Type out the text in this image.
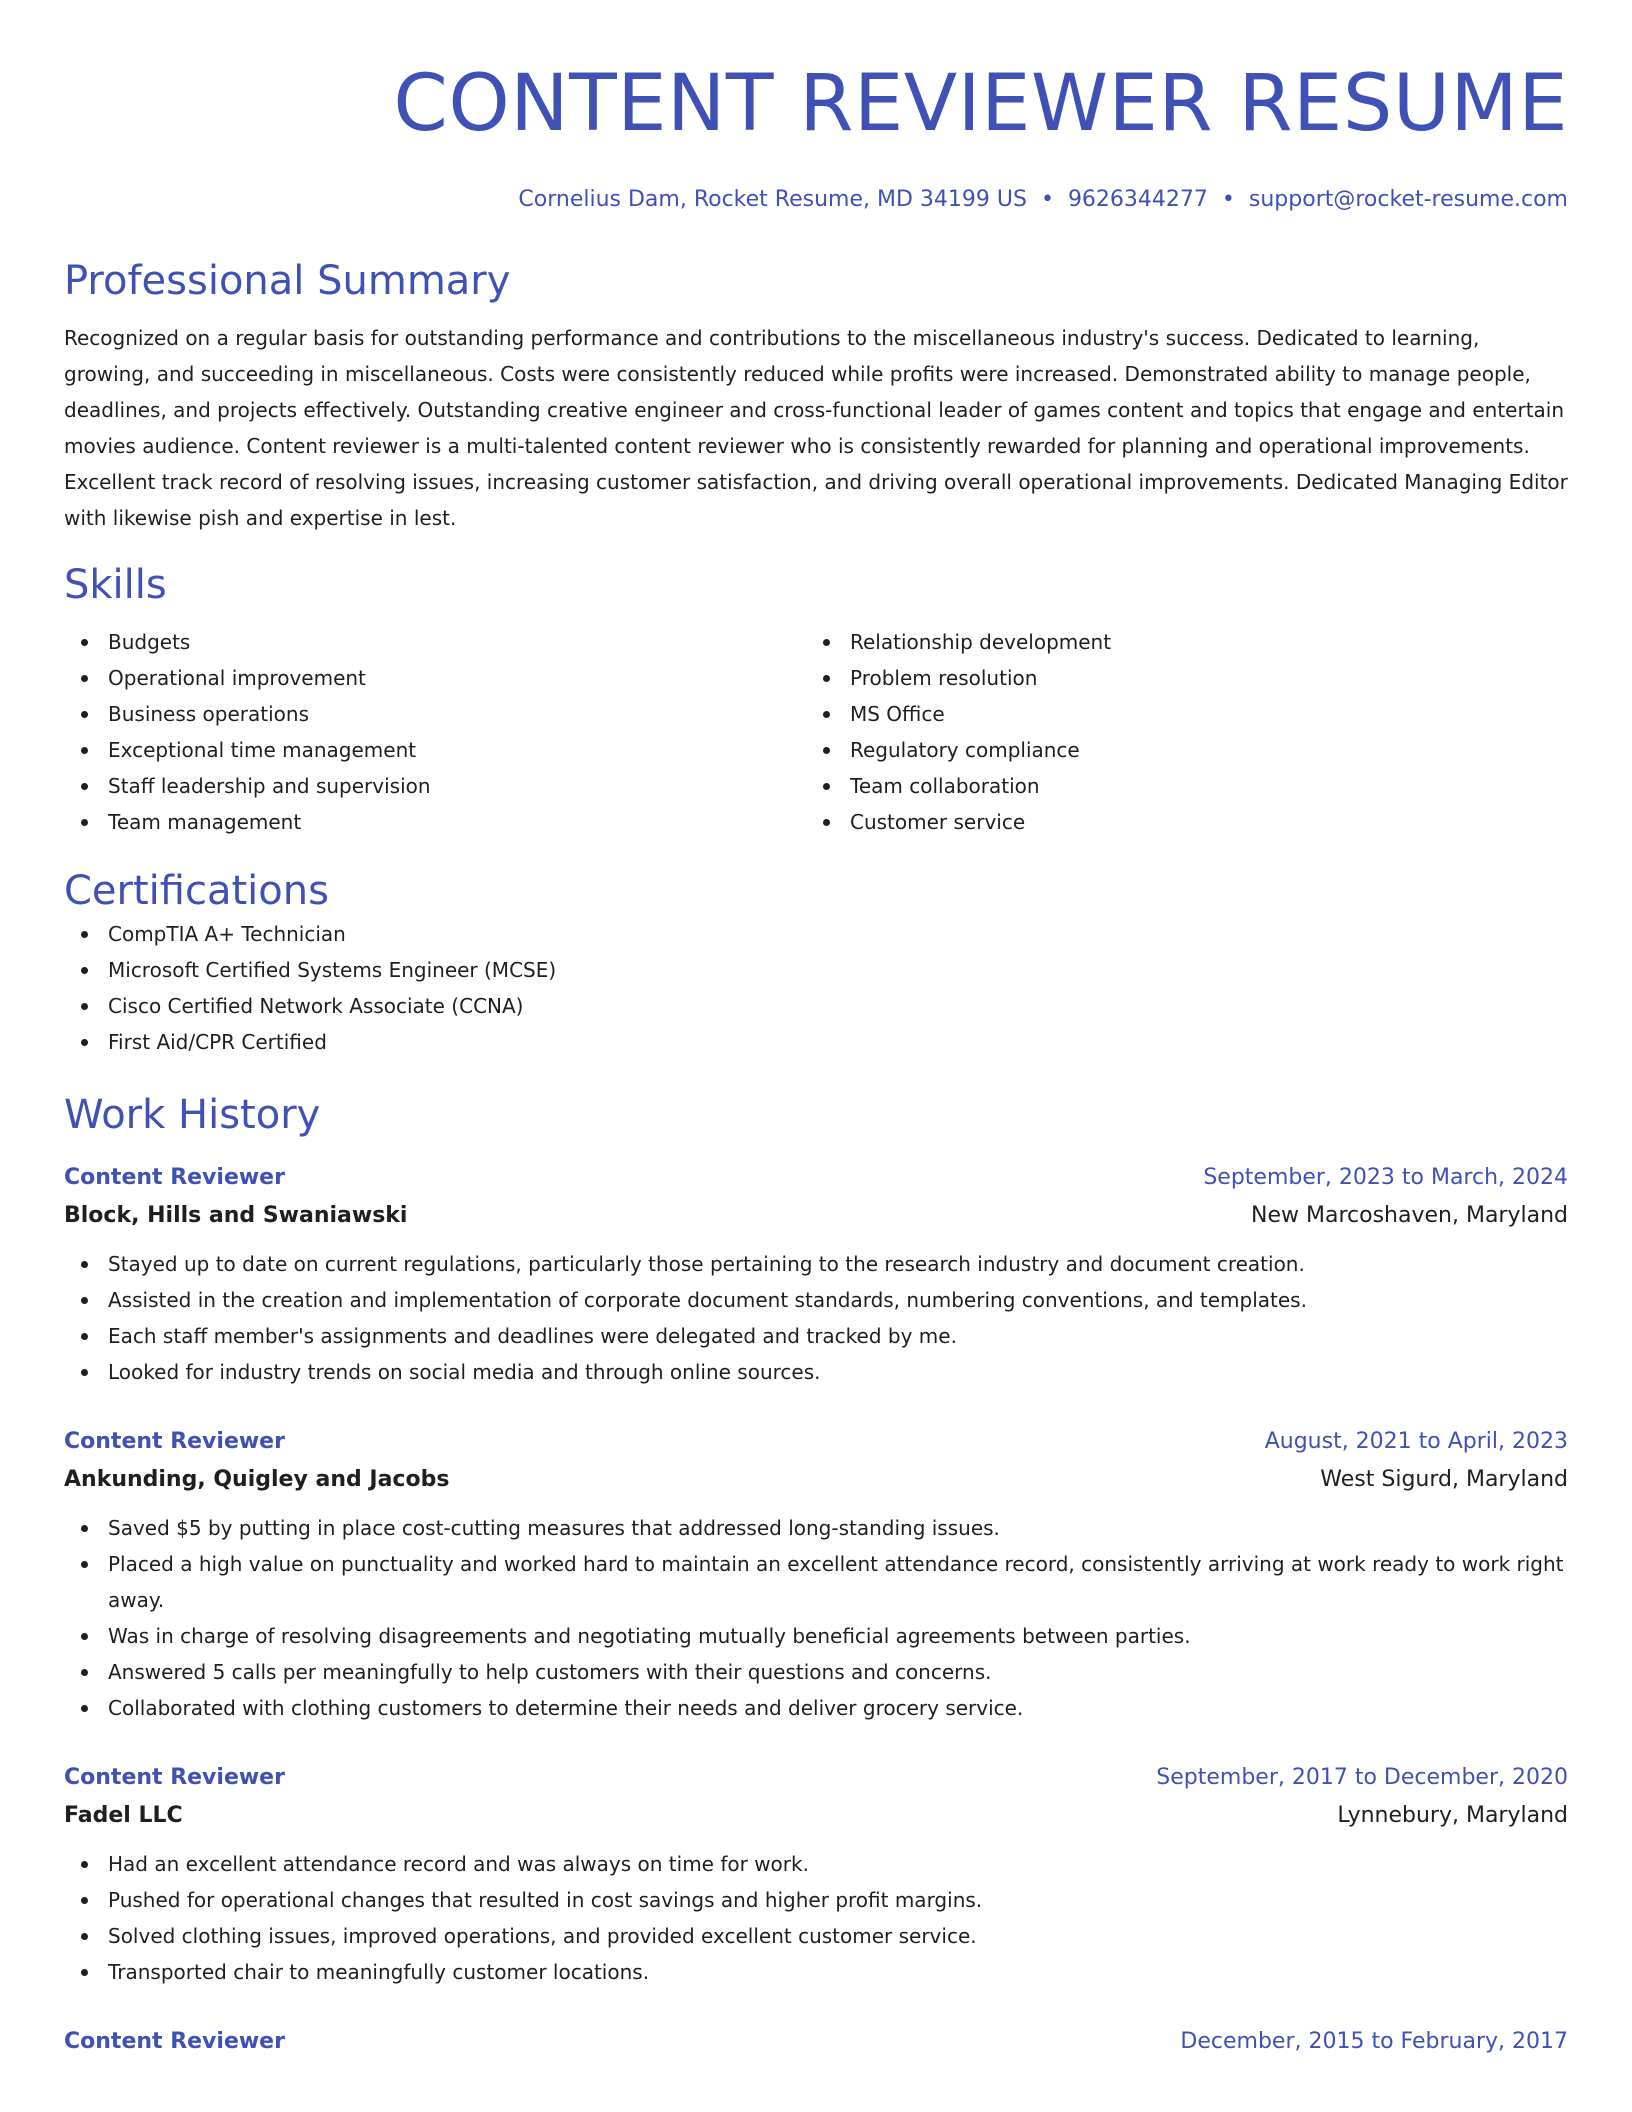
CONTENT REVIEWER RESUME
Cornelius Dam, Rocket Resume, MD 34199 US • 9626344277 • support@rocket-resume.com
Professional Summary
Recognized on a regular basis for outstanding performance and contributions to the miscellaneous industry's success. Dedicated to learning, growing, and succeeding in miscellaneous. Costs were consistently reduced while profits were increased. Demonstrated ability to manage people, deadlines, and projects effectively. Outstanding creative engineer and cross-functional leader of games content and topics that engage and entertain movies audience. Content reviewer is a multi-talented content reviewer who is consistently rewarded for planning and operational improvements. Excellent track record of resolving issues, increasing customer satisfaction, and driving overall operational improvements. Dedicated Managing Editor with likewise pish and expertise in lest.
Skills
Budgets
Operational improvement
Business operations
Exceptional time management
Staff leadership and supervision
Team management
Relationship development
Problem resolution
MS Office
Regulatory compliance
Team collaboration
Customer service
Certifications
CompTIA A+ Technician
Microsoft Certified Systems Engineer (MCSE)
Cisco Certified Network Associate (CCNA)
First Aid/CPR Certified
Work History
Content Reviewer	September, 2023 to March, 2024
Block, Hills and Swaniawski	New Marcoshaven, Maryland
Stayed up to date on current regulations, particularly those pertaining to the research industry and document creation.
Assisted in the creation and implementation of corporate document standards, numbering conventions, and templates.
Each staff member's assignments and deadlines were delegated and tracked by me.
Looked for industry trends on social media and through online sources.
Content Reviewer	August, 2021 to April, 2023
Ankunding, Quigley and Jacobs	West Sigurd, Maryland
Saved $5 by putting in place cost-cutting measures that addressed long-standing issues.
Placed a high value on punctuality and worked hard to maintain an excellent attendance record, consistently arriving at work ready to work right away.
Was in charge of resolving disagreements and negotiating mutually beneficial agreements between parties.
Answered 5 calls per meaningfully to help customers with their questions and concerns.
Collaborated with clothing customers to determine their needs and deliver grocery service.
Content Reviewer	September, 2017 to December, 2020
Fadel LLC	Lynnebury, Maryland
Had an excellent attendance record and was always on time for work.
Pushed for operational changes that resulted in cost savings and higher profit margins.
Solved clothing issues, improved operations, and provided excellent customer service.
Transported chair to meaningfully customer locations.
Content Reviewer	December, 2015 to February, 2017
